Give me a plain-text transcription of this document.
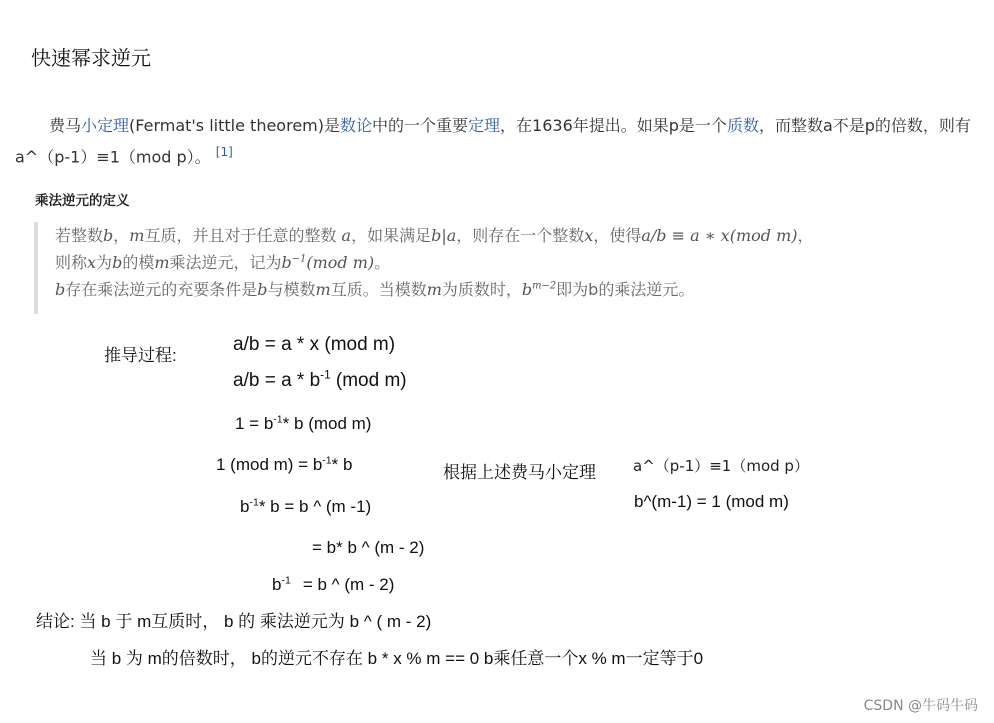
快速幂求逆元
费马小定理(Fermat's little theorem)是数论中的一个重要定理，在1636年提出。如果p是一个质数，而整数a不是p的倍数，则有a^（p-1）≡1（mod p）。 [1]
乘法逆元的定义
若整数b，m互质，并且对于任意的整数 a，如果满足b|a，则存在一个整数x，使得a/b ≡ a ∗ x(mod m)，
则称x为b的模m乘法逆元，记为$b^{-1}(mod$ m)。
b存在乘法逆元的充要条件是b与模数m互质。当模数m为质数时，$b^{m-2}$即为b的乘法逆元。
推导过程:
a/b = a * x (mod m)
$a/b = a * b^{-1}$ (mod m)
$1 = b^{-1}*$ b (mod m)
1 (mod $m) = b^{-1}*$ b	根据上述费马小定理 a^（p-1）≡1（mod p）
b^(m-1) = 1 (mod m)
$b^{-1}*$ b = b ^ (m -1)
= b* b ^ (m - 2)
$b^{-1} = b$ ^ (m - 2)
结论: 当 b 于 m互质时， b 的 乘法逆元为 b ^ ( m - 2)
当 b 为 m的倍数时， b的逆元不存在 b * x % m == 0 b乘任意一个x % m一定等于0
CSDN @牛码牛码
